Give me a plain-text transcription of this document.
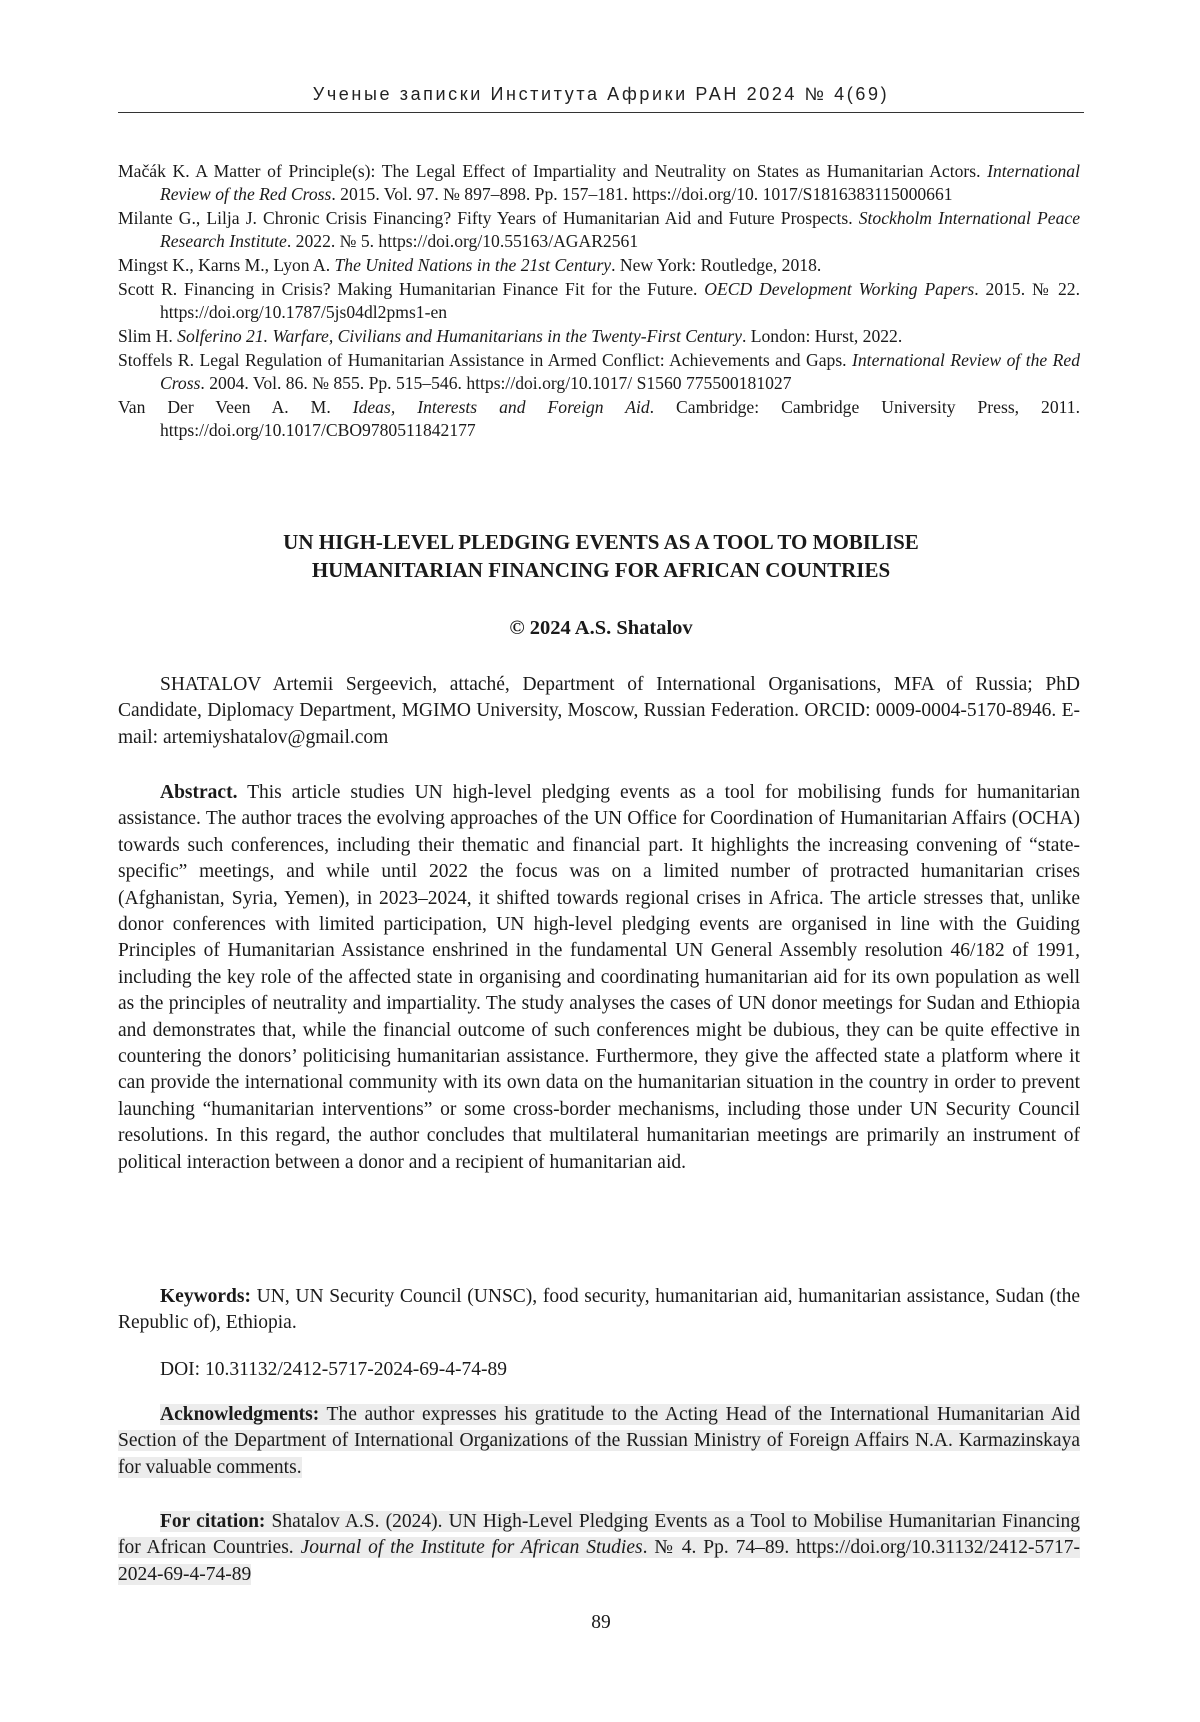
Ученые записки Института Африки РАН 2024 № 4(69)

Mačák K. A Matter of Principle(s): The Legal Effect of Impartiality and Neutrality on States as Humanitarian Actors. International Review of the Red Cross. 2015. Vol. 97. № 897–898. Pp. 157–181. https://doi.org/10. 1017/S1816383115000661

Milante G., Lilja J. Chronic Crisis Financing? Fifty Years of Humanitarian Aid and Future Prospects. Stockholm International Peace Research Institute. 2022. № 5. https://doi.org/10.55163/AGAR2561

Mingst K., Karns M., Lyon A. The United Nations in the 21st Century. New York: Routledge, 2018.

Scott R. Financing in Crisis? Making Humanitarian Finance Fit for the Future. OECD Development Working Papers. 2015. № 22. https://doi.org/10.1787/5js04dl2pms1-en

Slim H. Solferino 21. Warfare, Civilians and Humanitarians in the Twenty-First Century. London: Hurst, 2022.

Stoffels R. Legal Regulation of Humanitarian Assistance in Armed Conflict: Achievements and Gaps. International Review of the Red Cross. 2004. Vol. 86. № 855. Pp. 515–546. https://doi.org/10.1017/ S1560 775500181027

Van Der Veen A. M. Ideas, Interests and Foreign Aid. Cambridge: Cambridge University Press, 2011. https://doi.org/10.1017/CBO9780511842177

UN HIGH-LEVEL PLEDGING EVENTS AS A TOOL TO MOBILISE
HUMANITARIAN FINANCING FOR AFRICAN COUNTRIES

© 2024 A.S. Shatalov

SHATALOV Artemii Sergeevich, attaché, Department of International Organisations, MFA of Russia; PhD Candidate, Diplomacy Department, MGIMO University, Moscow, Russian Federation. ORCID: 0009-0004-5170-8946. E-mail: artemiyshatalov@gmail.com

Abstract. This article studies UN high-level pledging events as a tool for mobilising funds for humanitarian assistance. The author traces the evolving approaches of the UN Office for Coordination of Humanitarian Affairs (OCHA) towards such conferences, including their thematic and financial part. It highlights the increasing convening of “state-specific” meetings, and while until 2022 the focus was on a limited number of protracted humanitarian crises (Afghanistan, Syria, Yemen), in 2023–2024, it shifted towards regional crises in Africa. The article stresses that, unlike donor conferences with limited participation, UN high-level pledging events are organised in line with the Guiding Principles of Humanitarian Assistance enshrined in the fundamental UN General Assembly resolution 46/182 of 1991, including the key role of the affected state in organising and coordinating humanitarian aid for its own population as well as the principles of neutrality and impartiality. The study analyses the cases of UN donor meetings for Sudan and Ethiopia and demonstrates that, while the financial outcome of such conferences might be dubious, they can be quite effective in countering the donors’ politicising humanitarian assistance. Furthermore, they give the affected state a platform where it can provide the international community with its own data on the humanitarian situation in the country in order to prevent launching “humanitarian interventions” or some cross-border mechanisms, including those under UN Security Council resolutions. In this regard, the author concludes that multilateral humanitarian meetings are primarily an instrument of political interaction between a donor and a recipient of humanitarian aid.

Keywords: UN, UN Security Council (UNSC), food security, humanitarian aid, humanitarian assistance, Sudan (the Republic of), Ethiopia.

DOI: 10.31132/2412-5717-2024-69-4-74-89

Acknowledgments: The author expresses his gratitude to the Acting Head of the International Humanitarian Aid Section of the Department of International Organizations of the Russian Ministry of Foreign Affairs N.A. Karmazinskaya for valuable comments.

For citation: Shatalov A.S. (2024). UN High-Level Pledging Events as a Tool to Mobilise Humanitarian Financing for African Countries. Journal of the Institute for African Studies. № 4. Pp. 74–89. https://doi.org/10.31132/2412-5717-2024-69-4-74-89

89
